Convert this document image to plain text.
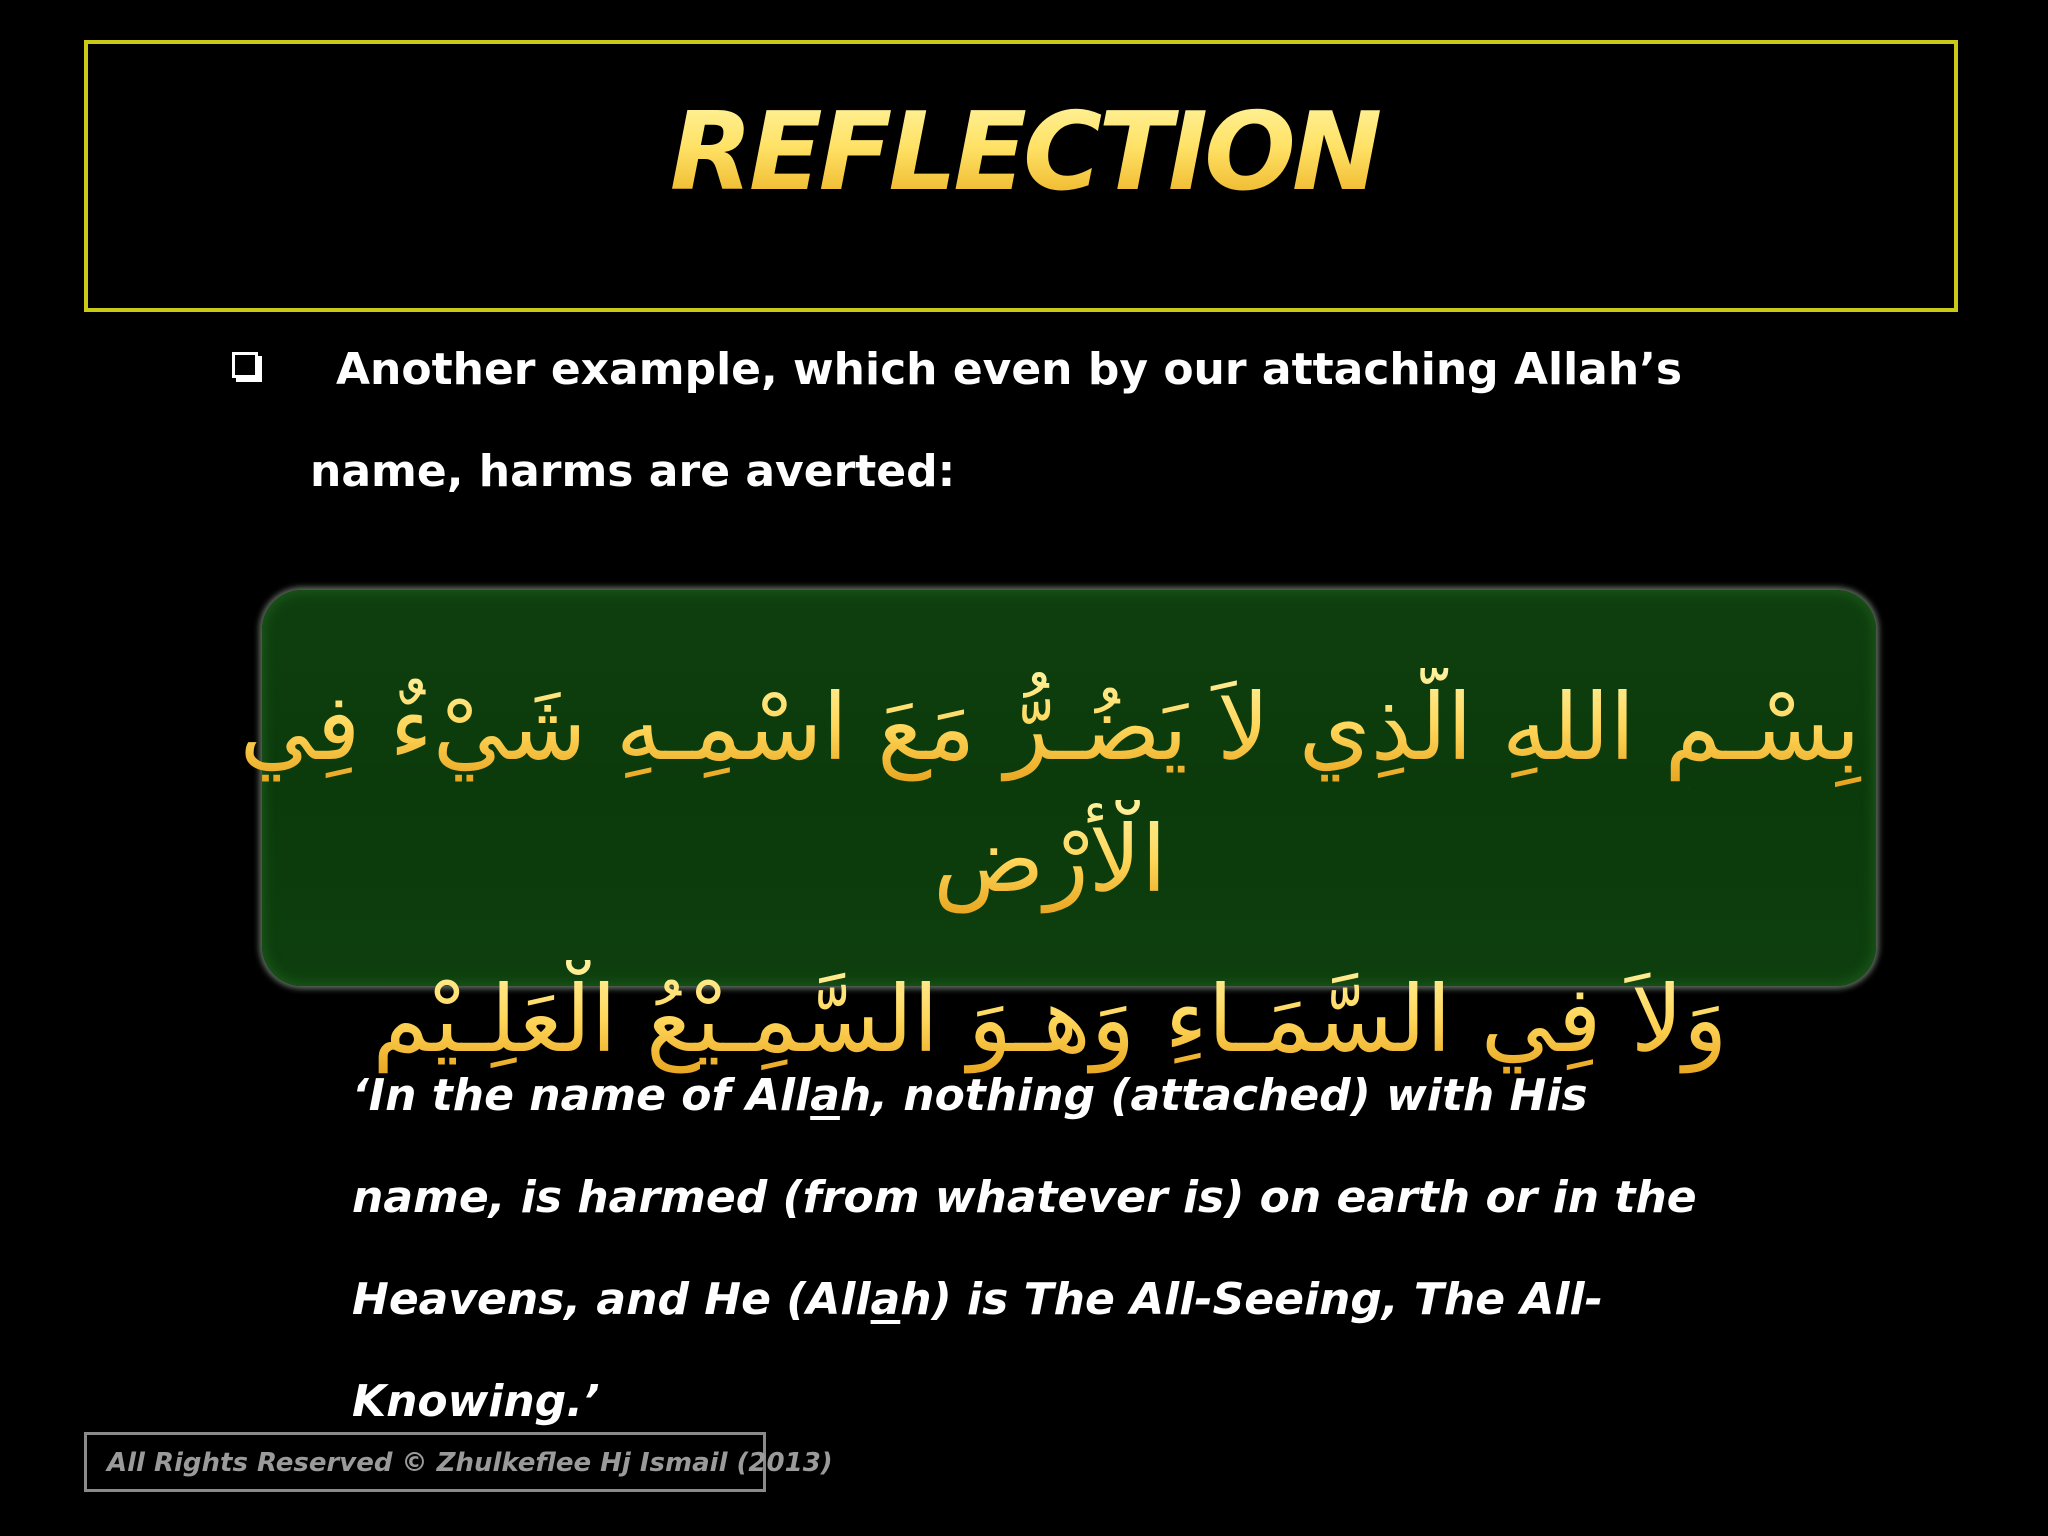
REFLECTION
Another example, which even by our attaching Allah’s
name, harms are averted:
بِسْـمِ اللهِ الَّذِي لاَ يَضُـرُّ مَعَ اسْمِـهِ شَيْءٌ فِي
الْأَرْضِ
وَلاَ فِي السَّمَـاءِ وَهـوَ السَّمِـيْعُ الْعَلِـيْمِ
‘In the name of Allah, nothing (attached) with His
name, is harmed (from whatever is) on earth or in the
Heavens, and He (Allah) is The All-Seeing, The All-
Knowing.’
All Rights Reserved © Zhulkeflee Hj Ismail (2013)
